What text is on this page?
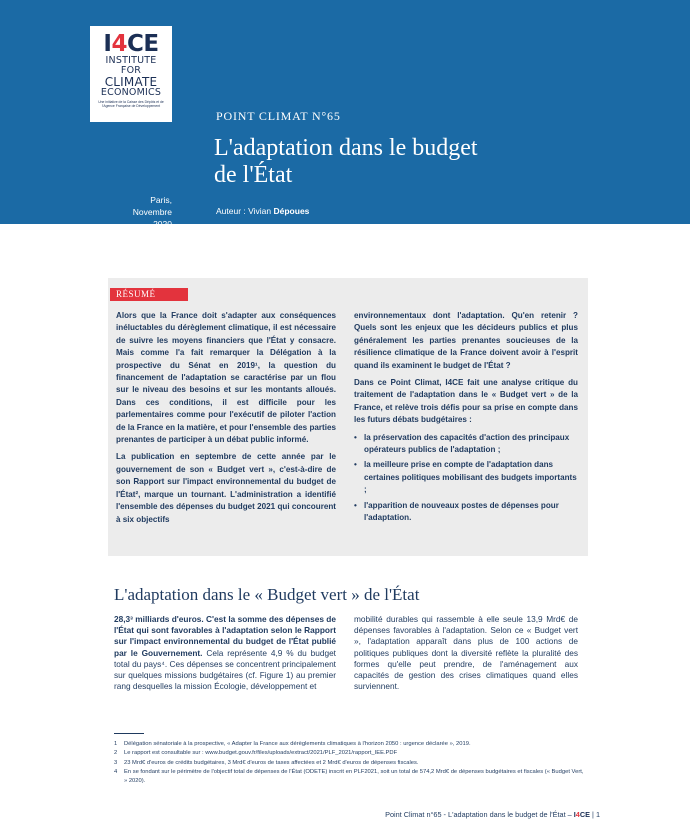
I4CE
INSTITUTE FOR
CLIMATE
ECONOMICS
Une initiative de la Caisse des Dépôts et de l'Agence Française de Développement
POINT CLIMAT N°65
L'adaptation dans le budget
de l'État
Paris,
Novembre 2020
Auteur : Vivian Dépoues
RÉSUMÉ

Alors que la France doit s'adapter aux conséquences inéluctables du dérèglement climatique, il est nécessaire de suivre les moyens financiers que l'État y consacre. Mais comme l'a fait remarquer la Délégation à la prospective du Sénat en 2019¹, la question du financement de l'adaptation se caractérise par un flou sur le niveau des besoins et sur les montants alloués. Dans ces conditions, il est difficile pour les parlementaires comme pour l'exécutif de piloter l'action de la France en la matière, et pour l'ensemble des parties prenantes de participer à un débat public informé.

La publication en septembre de cette année par le gouvernement de son « Budget vert », c'est-à-dire de son Rapport sur l'impact environnemental du budget de l'État², marque un tournant. L'administration a identifié l'ensemble des dépenses du budget 2021 qui concourent à six objectifs

environnementaux dont l'adaptation. Qu'en retenir ? Quels sont les enjeux que les décideurs publics et plus généralement les parties prenantes soucieuses de la résilience climatique de la France doivent avoir à l'esprit quand ils examinent le budget de l'État ?

Dans ce Point Climat, I4CE fait une analyse critique du traitement de l'adaptation dans le « Budget vert » de la France, et relève trois défis pour sa prise en compte dans les futurs débats budgétaires :

• la préservation des capacités d'action des principaux opérateurs publics de l'adaptation ;
• la meilleure prise en compte de l'adaptation dans certaines politiques mobilisant des budgets importants ;
• l'apparition de nouveaux postes de dépenses pour l'adaptation.
L'adaptation dans le « Budget vert » de l'État
28,3³ milliards d'euros. C'est la somme des dépenses de l'État qui sont favorables à l'adaptation selon le Rapport sur l'impact environnemental du budget de l'État publié par le Gouvernement. Cela représente 4,9 % du budget total du pays⁴. Ces dépenses se concentrent principalement sur quelques missions budgétaires (cf. Figure 1) au premier rang desquelles la mission Écologie, développement et
mobilité durables qui rassemble à elle seule 13,9 Mrd€ de dépenses favorables à l'adaptation. Selon ce « Budget vert », l'adaptation apparaît dans plus de 100 actions de politiques publiques dont la diversité reflète la pluralité des formes qu'elle peut prendre, de l'aménagement aux capacités de gestion des crises climatiques quand elles surviennent.
1	Délégation sénatoriale à la prospective, « Adapter la France aux dérèglements climatiques à l'horizon 2050 : urgence déclarée », 2019.
2	Le rapport est consultable sur : www.budget.gouv.fr/files/uploads/extract/2021/PLF_2021/rapport_IEE.PDF
3	23 Mrd€ d'euros de crédits budgétaires, 3 Mrd€ d'euros de taxes affectées et 2 Mrd€ d'euros de dépenses fiscales.
4	En se fondant sur le périmètre de l'objectif total de dépenses de l'État (ODETE) inscrit en PLF2021, soit un total de 574,2 Mrd€ de dépenses budgétaires et fiscales (« Budget Vert, » 2020).
Point Climat n°65 - L'adaptation dans le budget de l'État – I4CE | 1
